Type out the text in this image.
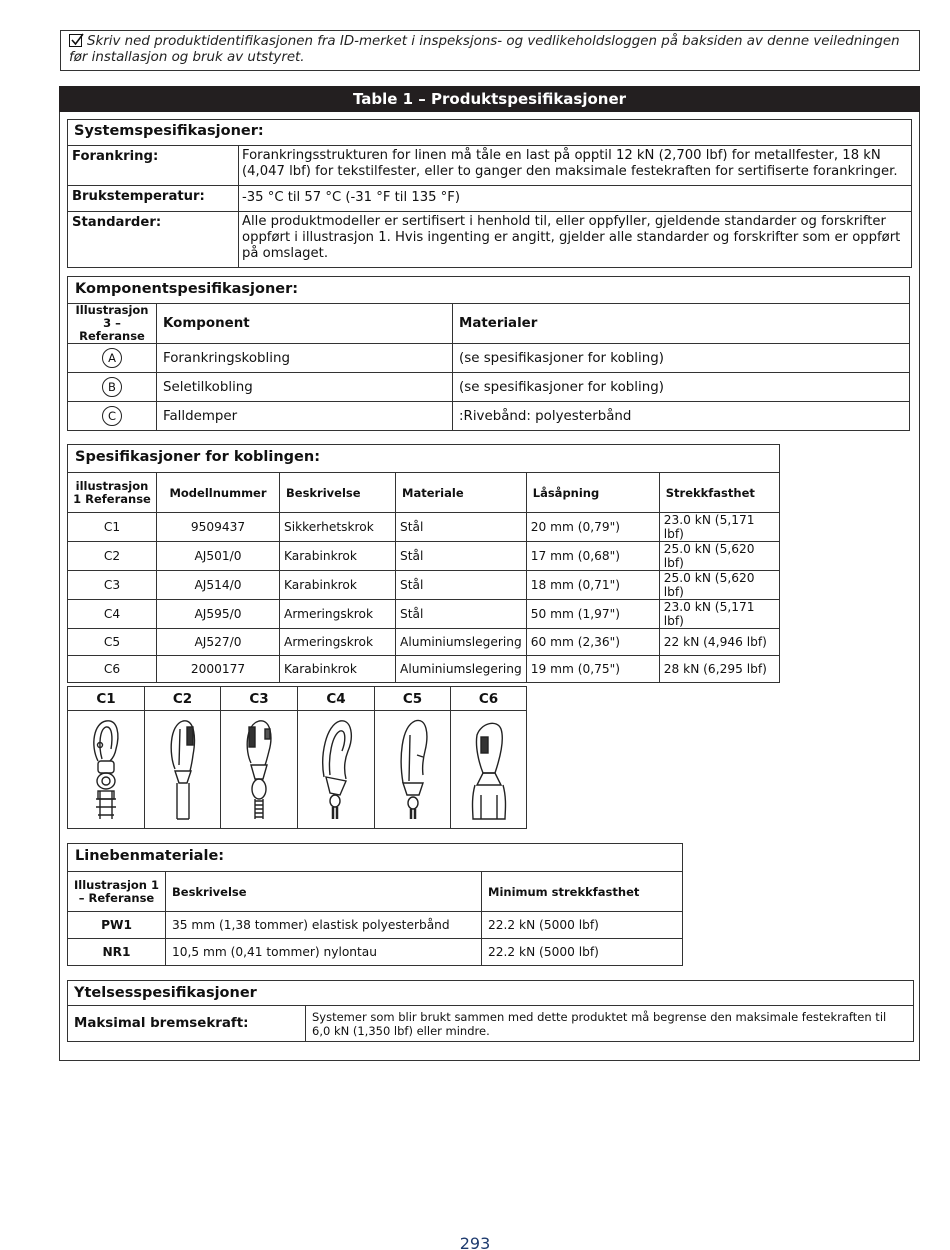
Skriv ned produktidentifikasjonen fra ID-merket i inspeksjons- og vedlikeholdsloggen på baksiden av denne veiledningen før installasjon og bruk av utstyret.
Table 1 – Produktspesifikasjoner
Systemspesifikasjoner:	
Forankring:	Forankringsstrukturen for linen må tåle en last på opptil 12 kN (2,700 lbf) for metallfester, 18 kN (4,047 lbf) for tekstilfester, eller to ganger den maksimale festekraften for sertifiserte forankringer.
Brukstemperatur:	-35 °C til 57 °C (-31 °F til 135 °F)
Standarder:	Alle produktmodeller er sertifisert i henhold til, eller oppfyller, gjeldende standarder og forskrifter oppført i illustrasjon 1. Hvis ingenting er angitt, gjelder alle standarder og forskrifter som er oppført på omslaget.
Komponentspesifikasjoner:		
Illustrasjon 3 – Referanse	Komponent	Materialer
A	Forankringskobling	(se spesifikasjoner for kobling)
B	Seletilkobling	(se spesifikasjoner for kobling)
C	Falldemper	:Rivebånd: polyesterbånd
Spesifikasjoner for koblingen:					
illustrasjon 1 Referanse	Modellnummer	Beskrivelse	Materiale	Låsåpning	Strekkfasthet
C1	9509437	Sikkerhetskrok	Stål	20 mm (0,79")	23.0 kN (5,171 lbf)
C2	AJ501/0	Karabinkrok	Stål	17 mm (0,68")	25.0 kN (5,620 lbf)
C3	AJ514/0	Karabinkrok	Stål	18 mm (0,71")	25.0 kN (5,620 lbf)
C4	AJ595/0	Armeringskrok	Stål	50 mm (1,97")	23.0 kN (5,171 lbf)
C5	AJ527/0	Armeringskrok	Aluminiumslegering	60 mm (2,36")	22 kN (4,946 lbf)
C6	2000177	Karabinkrok	Aluminiumslegering	19 mm (0,75")	28 kN (6,295 lbf)
C1	C2	C3	C4	C5	C6

Linebenmateriale:		
Illustrasjon 1 – Referanse	Beskrivelse	Minimum strekkfasthet
PW1	35 mm (1,38 tommer) elastisk polyesterbånd	22.2 kN (5000 lbf)
NR1	10,5 mm (0,41 tommer) nylontau	22.2 kN (5000 lbf)
Ytelsesspesifikasjoner
Maksimal bremsekraft:	Systemer som blir brukt sammen med dette produktet må begrense den maksimale festekraften til 6,0 kN (1,350 lbf) eller mindre.
293
